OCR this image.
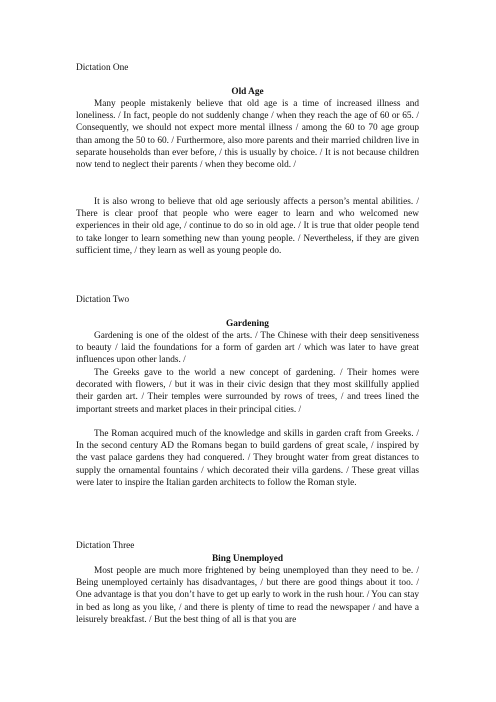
Dictation One
Old Age

Many people mistakenly believe that old age is a time of increased illness and loneliness. / In fact, people do not suddenly change / when they reach the age of 60 or 65. / Consequently, we should not expect more mental illness / among the 60 to 70 age group than among the 50 to 60. / Furthermore, also more parents and their married children live in separate households than ever before, / this is usually by choice. / It is not because children now tend to neglect their parents / when they become old. /

It is also wrong to believe that old age seriously affects a person’s mental abilities. / There is clear proof that people who were eager to learn and who welcomed new experiences in their old age, / continue to do so in old age. / It is true that older people tend to take longer to learn something new than young people. / Nevertheless, if they are given sufficient time, / they learn as well as young people do.

Dictation Two
Gardening

Gardening is one of the oldest of the arts. / The Chinese with their deep sensitiveness to beauty / laid the foundations for a form of garden art / which was later to have great influences upon other lands. /

The Greeks gave to the world a new concept of gardening. / Their homes were decorated with flowers, / but it was in their civic design that they most skillfully applied their garden art. / Their temples were surrounded by rows of trees, / and trees lined the important streets and market places in their principal cities. /

The Roman acquired much of the knowledge and skills in garden craft from Greeks. / In the second century AD the Romans began to build gardens of great scale, / inspired by the vast palace gardens they had conquered. / They brought water from great distances to supply the ornamental fountains / which decorated their villa gardens. / These great villas were later to inspire the Italian garden architects to follow the Roman style.

Dictation Three
Bing Unemployed

Most people are much more frightened by being unemployed than they need to be. / Being unemployed certainly has disadvantages, / but there are good things about it too. / One advantage is that you don’t have to get up early to work in the rush hour. / You can stay in bed as long as you like, / and there is plenty of time to read the newspaper / and have a leisurely breakfast. / But the best thing of all is that you are
